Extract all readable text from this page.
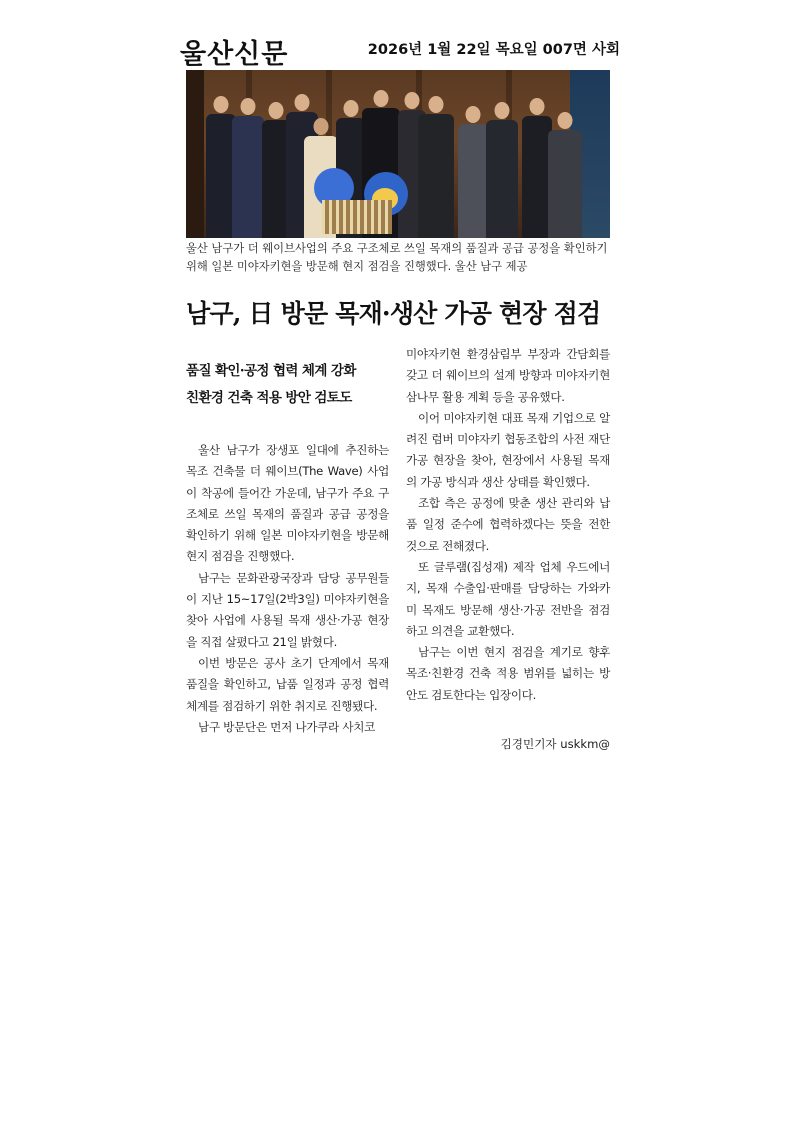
울산신문	2026년 1월 22일 목요일 007면 사회
울산 남구가 더 웨이브사업의 주요 구조체로 쓰일 목재의 품질과 공급 공정을 확인하기 위해 일본 미야자키현을 방문해 현지 점검을 진행했다. 울산 남구 제공
남구, 日 방문 목재·생산 가공 현장 점검
품질 확인·공정 협력 체계 강화
친환경 건축 적용 방안 검토도

울산 남구가 장생포 일대에 추진하는 목조 건축물 더 웨이브(The Wave) 사업이 착공에 들어간 가운데, 남구가 주요 구조체로 쓰일 목재의 품질과 공급 공정을 확인하기 위해 일본 미야자키현을 방문해 현지 점검을 진행했다.

남구는 문화관광국장과 담당 공무원들이 지난 15~17일(2박3일) 미야자키현을 찾아 사업에 사용될 목재 생산·가공 현장을 직접 살폈다고 21일 밝혔다.

이번 방문은 공사 초기 단계에서 목재 품질을 확인하고, 납품 일정과 공정 협력 체계를 점검하기 위한 취지로 진행됐다.

남구 방문단은 먼저 나가쿠라 사치코

미야자키현 환경삼림부 부장과 간담회를 갖고 더 웨이브의 설계 방향과 미야자키현 삼나무 활용 계획 등을 공유했다.

이어 미야자키현 대표 목재 기업으로 알려진 럼버 미야자키 협동조합의 사전 재단 가공 현장을 찾아, 현장에서 사용될 목재의 가공 방식과 생산 상태를 확인했다.

조합 측은 공정에 맞춘 생산 관리와 납품 일정 준수에 협력하겠다는 뜻을 전한 것으로 전해졌다.

또 글루램(집성재) 제작 업체 우드에너지, 목재 수출입·판매를 담당하는 가와카미 목재도 방문해 생산·가공 전반을 점검하고 의견을 교환했다.

남구는 이번 현지 점검을 계기로 향후 목조·친환경 건축 적용 범위를 넓히는 방안도 검토한다는 입장이다.

김경민기자 uskkm@
